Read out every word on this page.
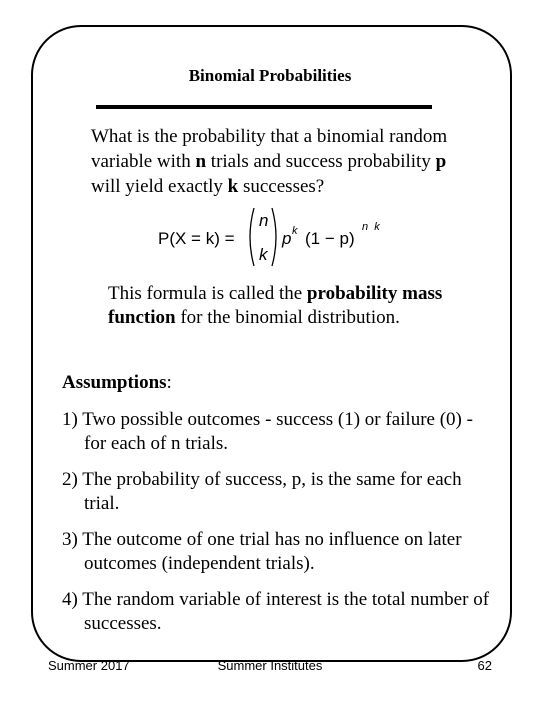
Binomial Probabilities
What is the probability that a binomial random variable with n trials and success probability p will yield exactly k successes?
P(X = k) =
n
k
p k (1 − p)
n  k
This formula is called the probability mass function for the binomial distribution.
Assumptions:
1) Two possible outcomes - success (1) or failure (0) - for each of n trials.
2) The probability of success, p, is the same for each trial.
3) The outcome of one trial has no influence on later outcomes (independent trials).
4) The random variable of interest is the total number of successes.
Summer 2017	Summer Institutes	62
